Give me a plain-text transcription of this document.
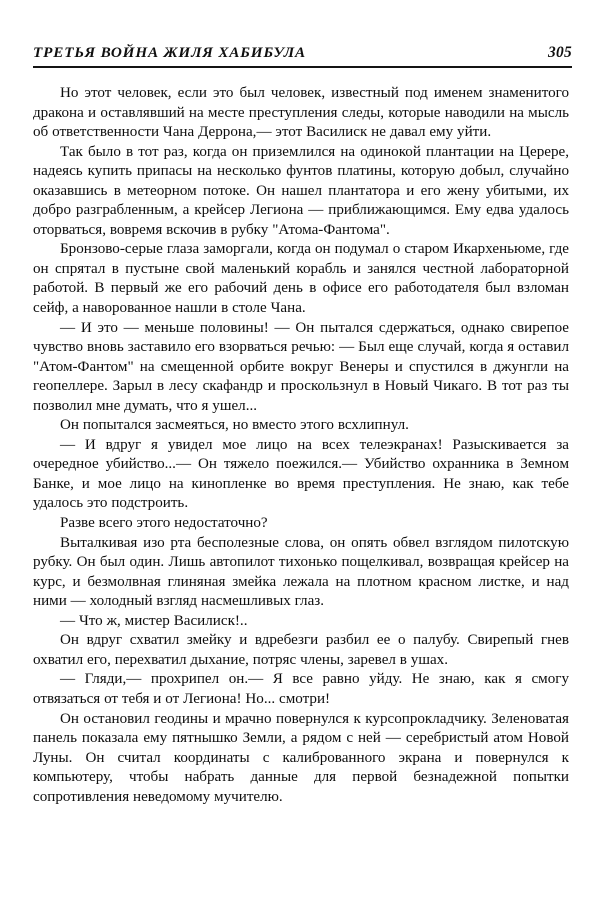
ТРЕТЬЯ ВОЙНА ЖИЛЯ ХАБИБУЛА	305

Но этот человек, если это был человек, известный под именем знаменитого дракона и оставлявший на месте преступления следы, которые наводили на мысль об ответственности Чана Деррона,— этот Василиск не давал ему уйти.

Так было в тот раз, когда он приземлился на одинокой плантации на Церере, надеясь купить припасы на несколько фунтов платины, которую добыл, случайно оказавшись в метеорном потоке. Он нашел плантатора и его жену убитыми, их добро разграбленным, а крейсер Легиона — приближающимся. Ему едва удалось оторваться, вовремя вскочив в рубку "Атома-Фантома".

Бронзово-серые глаза заморгали, когда он подумал о старом Икархеньюме, где он спрятал в пустыне свой маленький корабль и занялся честной лабораторной работой. В первый же его рабочий день в офисе его работодателя был взломан сейф, а наворованное нашли в столе Чана.

— И это — меньше половины! — Он пытался сдержаться, однако свирепое чувство вновь заставило его взорваться речью: — Был еще случай, когда я оставил "Атом-Фантом" на смещенной орбите вокруг Венеры и спустился в джунгли на геопеллере. Зарыл в лесу скафандр и проскользнул в Новый Чикаго. В тот раз ты позволил мне думать, что я ушел...

Он попытался засмеяться, но вместо этого всхлипнул.

— И вдруг я увидел мое лицо на всех телеэкранах! Разыскивается за очередное убийство...— Он тяжело поежился.— Убийство охранника в Земном Банке, и мое лицо на кинопленке во время преступления. Не знаю, как тебе удалось это подстроить.

Разве всего этого недостаточно?

Выталкивая изо рта бесполезные слова, он опять обвел взглядом пилотскую рубку. Он был один. Лишь автопилот тихонько пощелкивал, возвращая крейсер на курс, и безмолвная глиняная змейка лежала на плотном красном листке, и над ними — холодный взгляд насмешливых глаз.

— Что ж, мистер Василиск!..

Он вдруг схватил змейку и вдребезги разбил ее о палубу. Свирепый гнев охватил его, перехватил дыхание, потряс члены, заревел в ушах.

— Гляди,— прохрипел он.— Я все равно уйду. Не знаю, как я смогу отвязаться от тебя и от Легиона! Но... смотри!

Он остановил геодины и мрачно повернулся к курсопрокладчику. Зеленоватая панель показала ему пятнышко Земли, а рядом с ней — серебристый атом Новой Луны. Он считал координаты с калиброванного экрана и повернулся к компьютеру, чтобы набрать данные для первой безнадежной попытки сопротивления неведомому мучителю.
